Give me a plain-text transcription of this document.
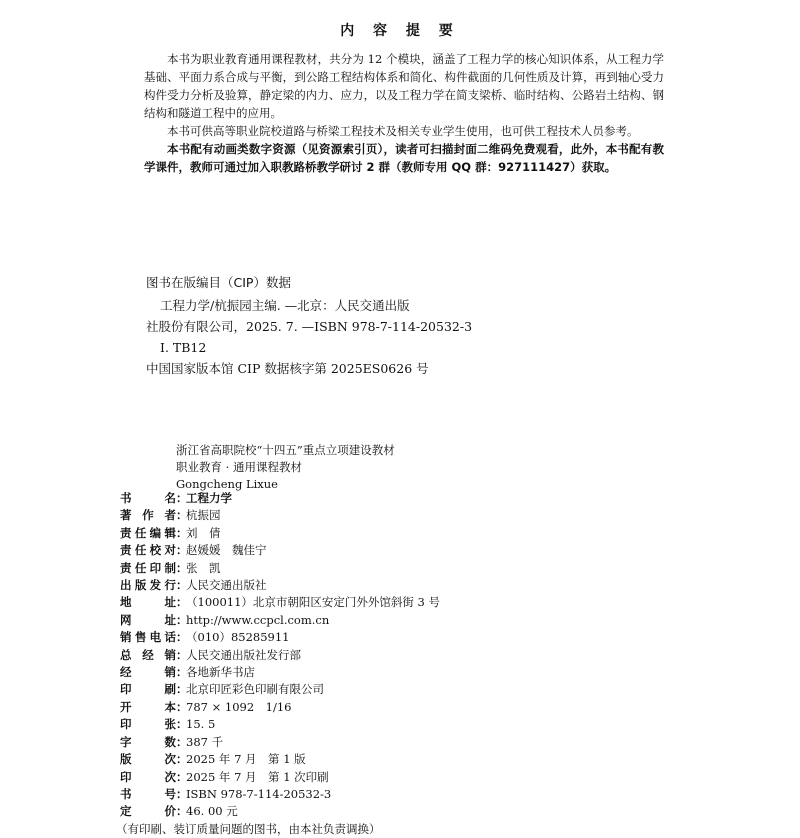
内 容 提 要

本书为职业教育通用课程教材，共分为 12 个模块，涵盖了工程力学的核心知识体系，从工程力学基础、平面力系合成与平衡，到公路工程结构体系和简化、构件截面的几何性质及计算，再到轴心受力构件受力分析及验算，静定梁的内力、应力，以及工程力学在简支梁桥、临时结构、公路岩土结构、钢结构和隧道工程中的应用。

本书可供高等职业院校道路与桥梁工程技术及相关专业学生使用，也可供工程技术人员参考。

本书配有动画类数字资源（见资源索引页），读者可扫描封面二维码免费观看，此外，本书配有教学课件，教师可通过加入职教路桥教学研讨 2 群（教师专用 QQ 群：927111427）获取。

图书在版编目（CIP）数据
工程力学/杭振园主编. —北京：人民交通出版
社股份有限公司，2025. 7. —ISBN 978-7-114-20532-3
Ⅰ. TB12
中国国家版本馆 CIP 数据核字第 2025ES0626 号
浙江省高职院校“十四五”重点立项建设教材
职业教育 · 通用课程教材
Gongcheng Lixue
书名：工程力学
著作者：杭振园
责任编辑：刘　倩
责任校对：赵媛媛　魏佳宁
责任印制：张　凯
出版发行：人民交通出版社
地址：（100011）北京市朝阳区安定门外外馆斜街 3 号
网址：http://www.ccpcl.com.cn
销售电话：（010）85285911
总经销：人民交通出版社发行部
经销：各地新华书店
印刷：北京印匠彩色印刷有限公司
开本：787 × 1092　1/16
印张：15. 5
字数：387 千
版次：2025 年 7 月　第 1 版
印次：2025 年 7 月　第 1 次印刷
书号：ISBN 978-7-114-20532-3
定价：46. 00 元
（有印刷、装订质量问题的图书，由本社负责调换）
